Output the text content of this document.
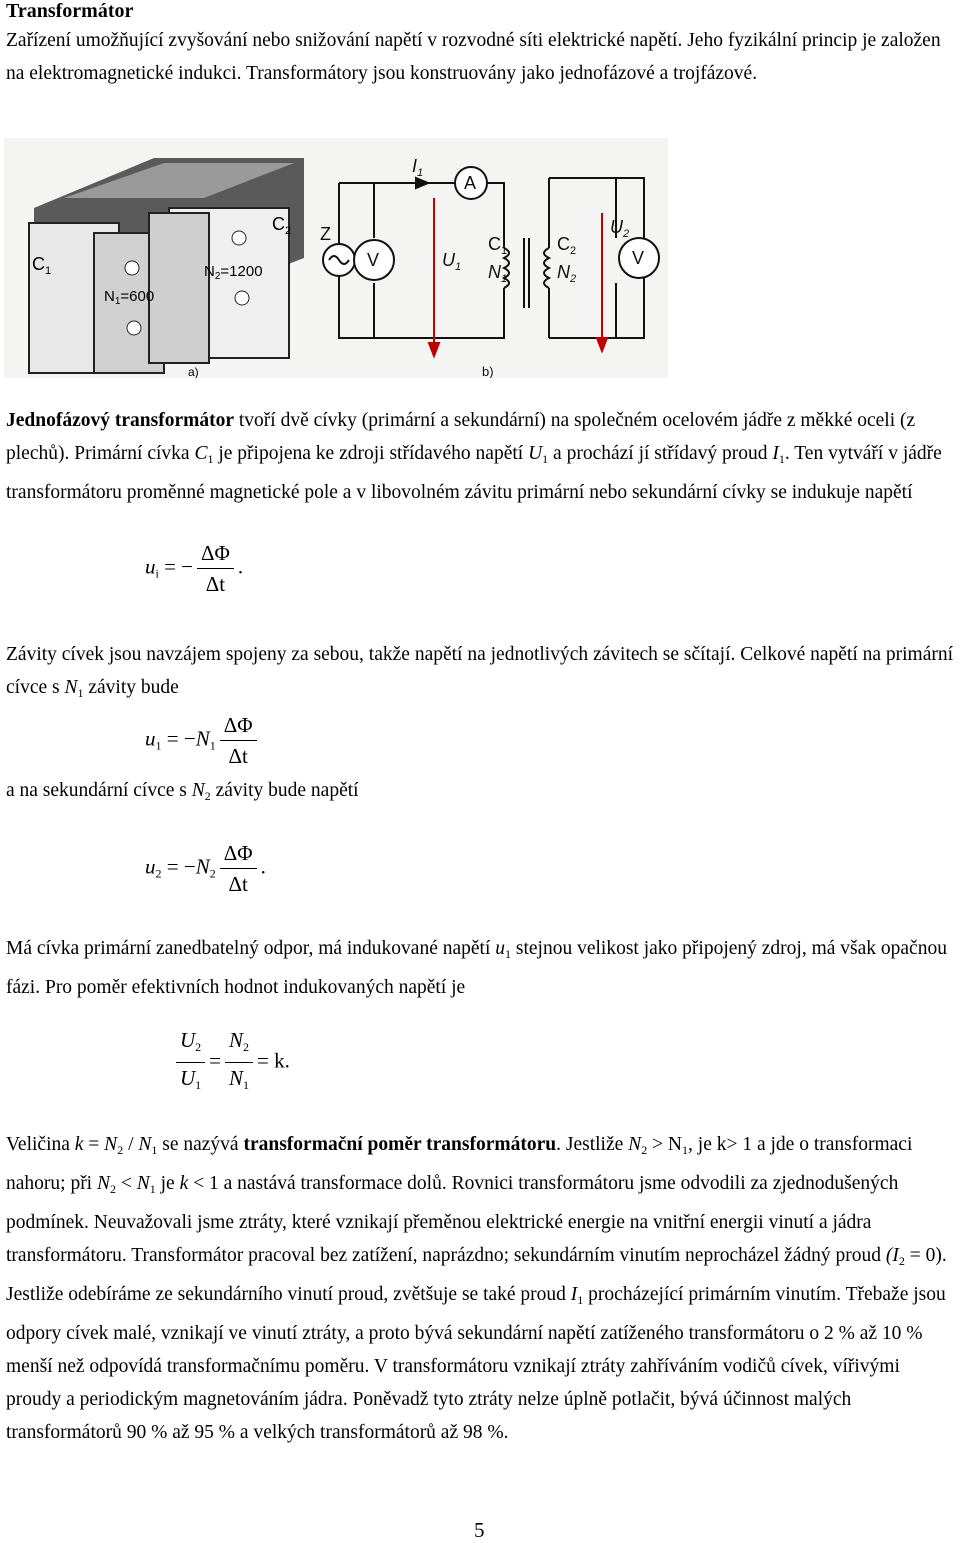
Transformátor

Zařízení umožňující zvyšování nebo snižování napětí v rozvodné síti elektrické napětí. Jeho fyzikální princip je založen na elektromagnetické indukci. Transformátory jsou konstruovány jako jednofázové a trojfázové.

$C_1$
$C_2$
$N_1=600$
$N_2=1200$
a)
$I_1$ A
Z
V	$U_1$
$C_1$
$N_1$
$C_2$
$N_2$
$U_2$
V
b)

Jednofázový transformátor tvoří dvě cívky (primární a sekundární) na společném ocelovém jádře z měkké oceli (z plechů). Primární cívka $C_1$ je připojena ke zdroji střídavého napětí $U_1$ a prochází jí střídavý proud $I_1$. Ten vytváří v jádře transformátoru proměnné magnetické pole a v libovolném závitu primární nebo sekundární cívky se indukuje napětí

$u_i$ = − $\frac{\Delta\Phi}{\Delta t}$ .

Závity cívek jsou navzájem spojeny za sebou, takže napětí na jednotlivých závitech se sčítají. Celkové napětí na primární cívce s $N_1$ závity bude

$u_1 = -N_1 \frac{\Delta\Phi}{\Delta t}$

a na sekundární cívce s $N_2$ závity bude napětí

$u_2 = -N_2 \frac{\Delta\Phi}{\Delta t}$ .

Má cívka primární zanedbatelný odpor, má indukované napětí $u_1$ stejnou velikost jako připojený zdroj, má však opačnou fázi. Pro poměr efektivních hodnot indukovaných napětí je

$\frac{U_2}{U_1} = \frac{N_2}{N_1} = k$.

Veličina $k = N_2 / N_1$ se nazývá transformační poměr transformátoru. Jestliže $N_2 > N_1$, je k> 1 a jde o transformaci nahoru; při $N_2 < N_1$ je k < 1 a nastává transformace dolů. Rovnici transformátoru jsme odvodili za zjednodušených podmínek. Neuvažovali jsme ztráty, které vznikají přeměnou elektrické energie na vnitřní energii vinutí a jádra transformátoru. Transformátor pracoval bez zatížení, naprázdno; sekundárním vinutím neprocházel žádný proud $(I_2 = 0)$. Jestliže odebíráme ze sekundárního vinutí proud, zvětšuje se také proud $I_1$ procházející primárním vinutím. Třebaže jsou odpory cívek malé, vznikají ve vinutí ztráty, a proto bývá sekundární napětí zatíženého transformátoru o 2 % až 10 % menší než odpovídá transformačnímu poměru. V transformátoru vznikají ztráty zahříváním vodičů cívek, vířivými proudy a periodickým magnetováním jádra. Poněvadž tyto ztráty nelze úplně potlačit, bývá účinnost malých transformátorů 90 % až 95 % a velkých transformátorů až 98 %.

5
